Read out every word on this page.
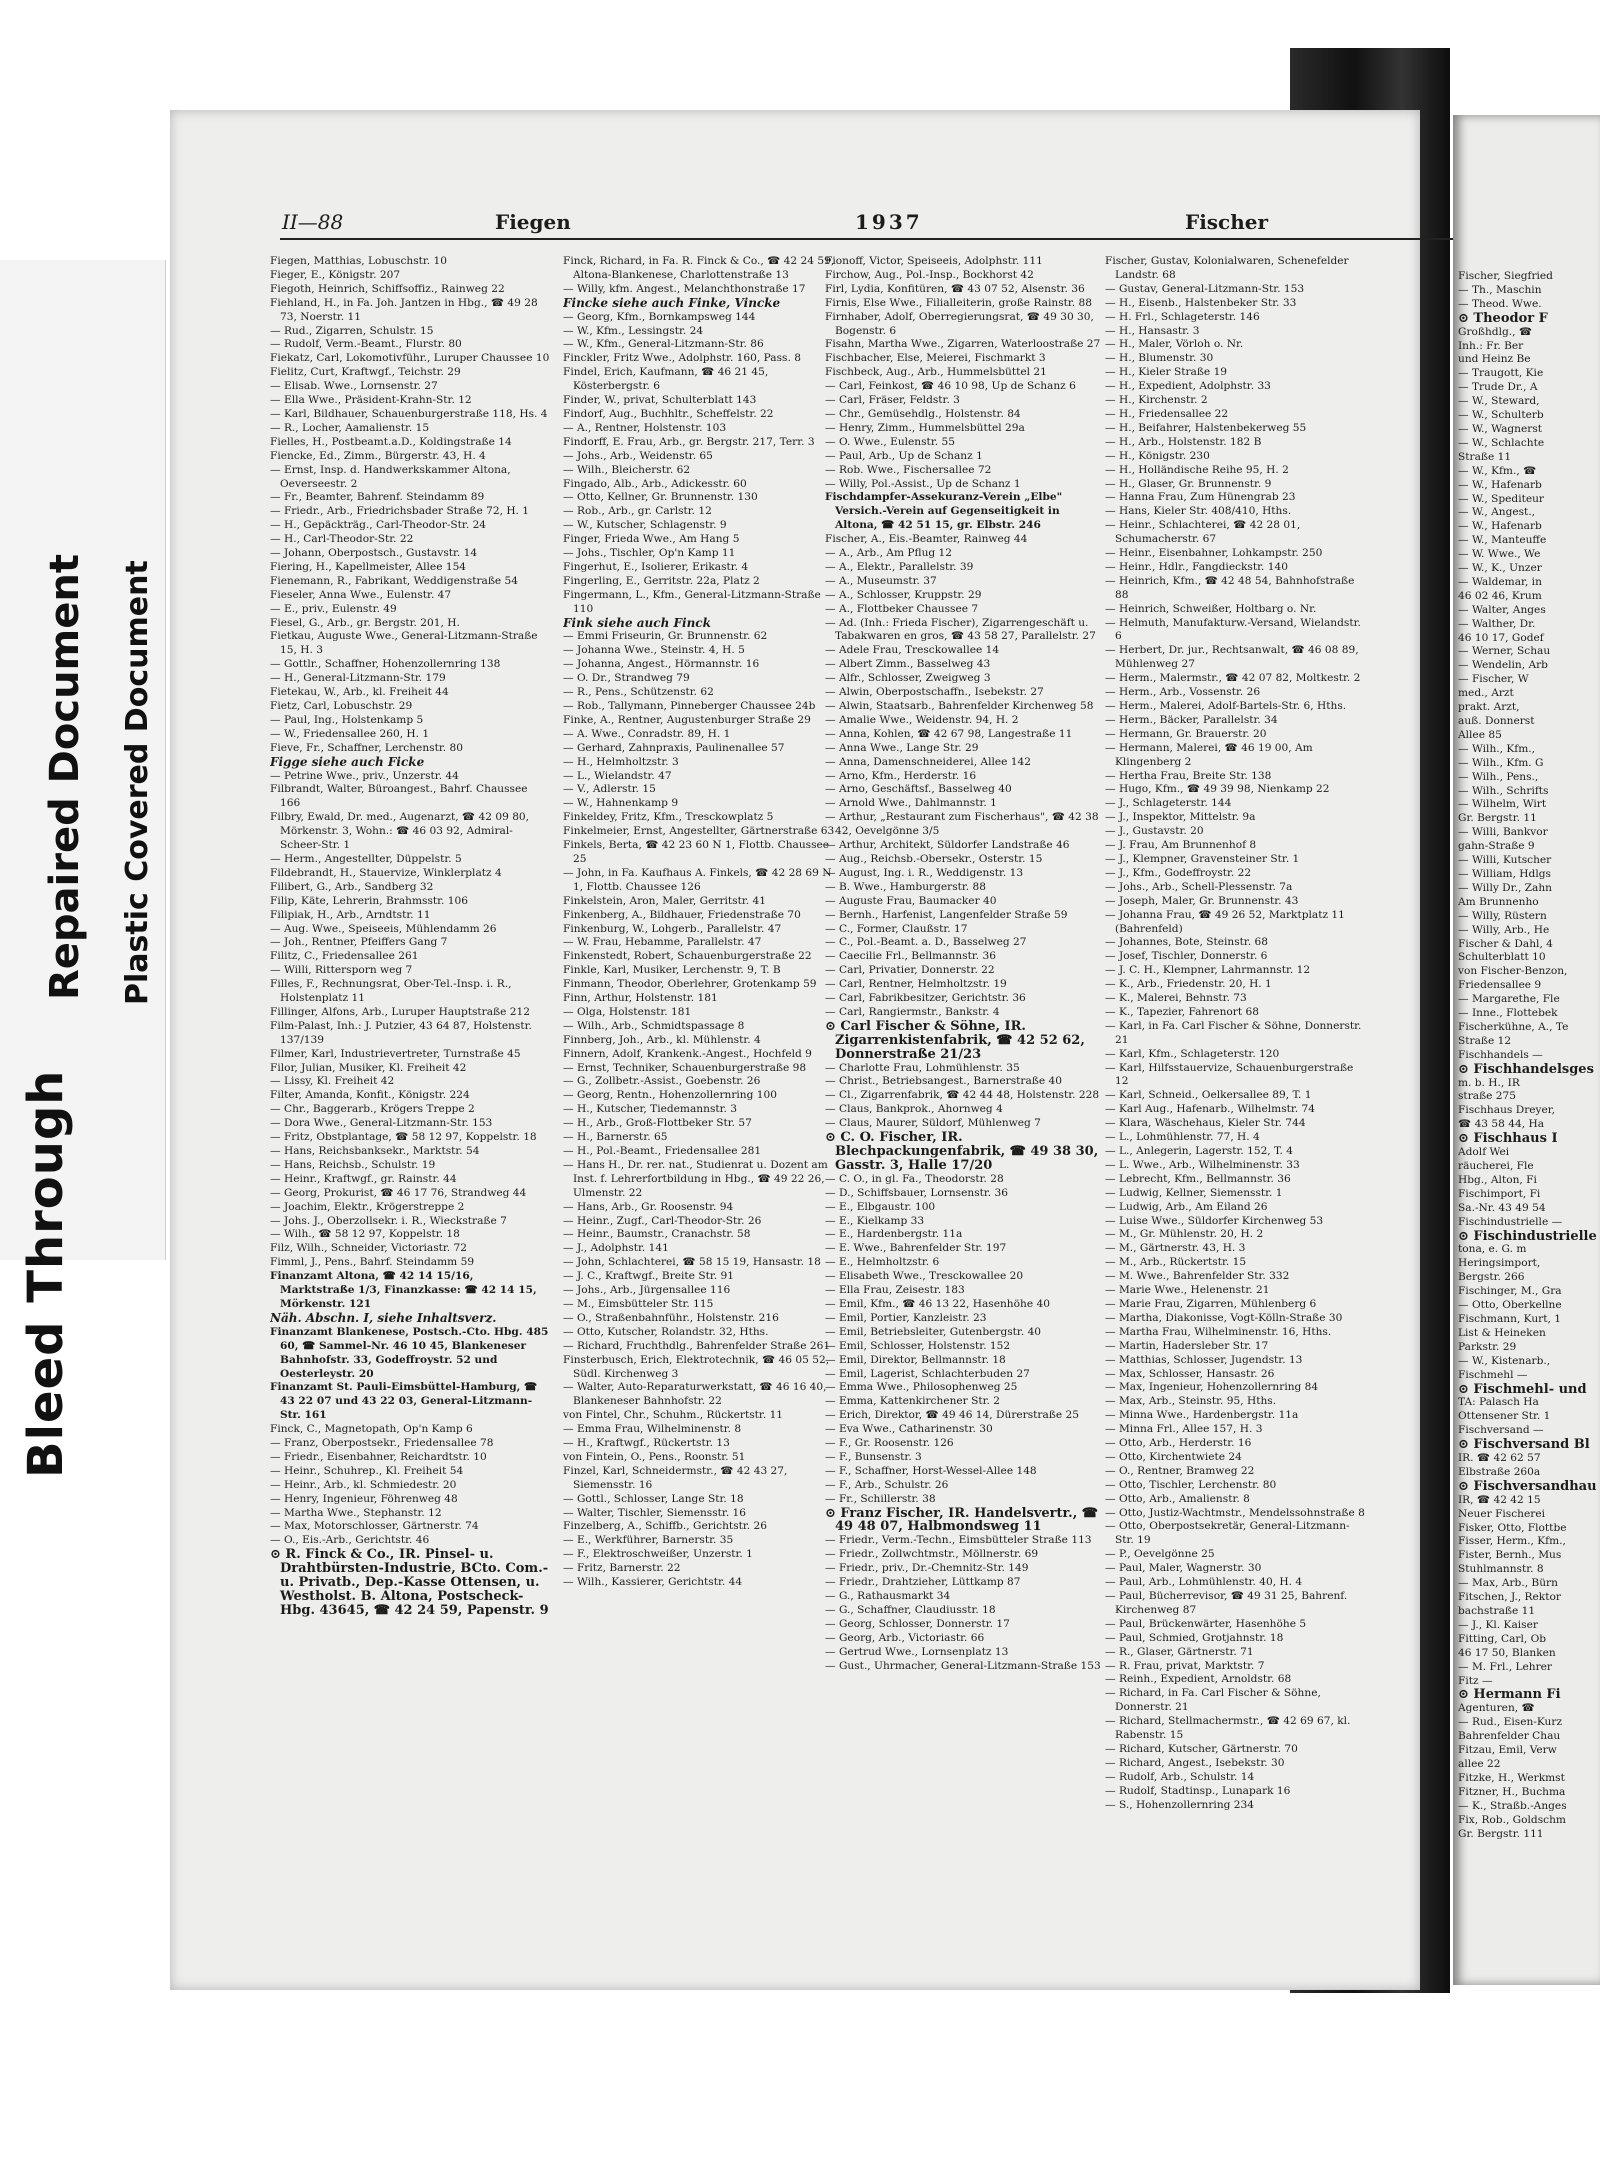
Bleed Through
Repaired Document Plastic Covered Document
II—88	Fiegen	1937	Fischer
Fiegen, Matthias, Lobuschstr. 10
Fieger, E., Königstr. 207
Fiegoth, Heinrich, Schiffsoffiz., Rainweg 22
Fiehland, H., in Fa. Joh. Jantzen in Hbg., ☎ 49 28 73, Noerstr. 11
— Rud., Zigarren, Schulstr. 15
— Rudolf, Verm.-Beamt., Flurstr. 80
Fiekatz, Carl, Lokomotivführ., Luruper Chaussee 10
Fielitz, Curt, Kraftwgf., Teichstr. 29
— Elisab. Wwe., Lornsenstr. 27
— Ella Wwe., Präsident-Krahn-Str. 12
— Karl, Bildhauer, Schauenburgerstraße 118, Hs. 4
— R., Locher, Aamalienstr. 15
Fielles, H., Postbeamt.a.D., Koldingstraße 14
Fiencke, Ed., Zimm., Bürgerstr. 43, H. 4
— Ernst, Insp. d. Handwerkskammer Altona, Oeverseestr. 2
— Fr., Beamter, Bahrenf. Steindamm 89
— Friedr., Arb., Friedrichsbader Straße 72, H. 1
— H., Gepäckträg., Carl-Theodor-Str. 24
— H., Carl-Theodor-Str. 22
— Johann, Oberpostsch., Gustavstr. 14
Fiering, H., Kapellmeister, Allee 154
Fienemann, R., Fabrikant, Weddigenstraße 54
Fieseler, Anna Wwe., Eulenstr. 47
— E., priv., Eulenstr. 49
Fiesel, G., Arb., gr. Bergstr. 201, H.
Fietkau, Auguste Wwe., General-Litzmann-Straße 15, H. 3
— Gottlr., Schaffner, Hohenzollernring 138
— H., General-Litzmann-Str. 179
Fietekau, W., Arb., kl. Freiheit 44
Fietz, Carl, Lobuschstr. 29
— Paul, Ing., Holstenkamp 5
— W., Friedensallee 260, H. 1
Fieve, Fr., Schaffner, Lerchenstr. 80
Figge siehe auch Ficke
— Petrine Wwe., priv., Unzerstr. 44
Filbrandt, Walter, Büroangest., Bahrf. Chaussee 166
Filbry, Ewald, Dr. med., Augenarzt, ☎ 42 09 80, Mörkenstr. 3, Wohn.: ☎ 46 03 92, Admiral-Scheer-Str. 1
— Herm., Angestellter, Düppelstr. 5
Fildebrandt, H., Stauervize, Winklerplatz 4
Filibert, G., Arb., Sandberg 32
Filip, Käte, Lehrerin, Brahmsstr. 106
Filipiak, H., Arb., Arndtstr. 11
— Aug. Wwe., Speiseeis, Mühlendamm 26
— Joh., Rentner, Pfeiffers Gang 7
Filitz, C., Friedensallee 261
— Willi, Rittersporn weg 7
Filles, F., Rechnungsrat, Ober-Tel.-Insp. i. R., Holstenplatz 11
Fillinger, Alfons, Arb., Luruper Hauptstraße 212
Film-Palast, Inh.: J. Putzier, 43 64 87, Holstenstr. 137/139
Filmer, Karl, Industrievertreter, Turnstraße 45
Filor, Julian, Musiker, Kl. Freiheit 42
— Lissy, Kl. Freiheit 42
Filter, Amanda, Konfit., Königstr. 224
— Chr., Baggerarb., Krögers Treppe 2
— Dora Wwe., General-Litzmann-Str. 153
— Fritz, Obstplantage, ☎ 58 12 97, Koppelstr. 18
— Hans, Reichsbanksekr., Marktstr. 54
— Hans, Reichsb., Schulstr. 19
— Heinr., Kraftwgf., gr. Rainstr. 44
— Georg, Prokurist, ☎ 46 17 76, Strandweg 44
— Joachim, Elektr., Krögerstreppe 2
— Johs. J., Oberzollsekr. i. R., Wieckstraße 7
— Wilh., ☎ 58 12 97, Koppelstr. 18
Filz, Wilh., Schneider, Victoriastr. 72
Fimml, J., Pens., Bahrf. Steindamm 59
Finanzamt Altona, ☎ 42 14 15/16, Marktstraße 1/3, Finanzkasse: ☎ 42 14 15, Mörkenstr. 121
Näh. Abschn. I, siehe Inhaltsverz.
Finanzamt Blankenese, Postsch.-Cto. Hbg. 485 60, ☎ Sammel-Nr. 46 10 45, Blankeneser Bahnhofstr. 33, Godeffroystr. 52 und Oesterleystr. 20
Finanzamt St. Pauli-Eimsbüttel-Hamburg, ☎ 43 22 07 und 43 22 03, General-Litzmann-Str. 161
Finck, C., Magnetopath, Op'n Kamp 6
— Franz, Oberpostsekr., Friedensallee 78
— Friedr., Eisenbahner, Reichardtstr. 10
— Heinr., Schuhrep., Kl. Freiheit 54
— Heinr., Arb., kl. Schmiedestr. 20
— Henry, Ingenieur, Föhrenweg 48
— Martha Wwe., Stephanstr. 12
— Max, Motorschlosser, Gärtnerstr. 74
— O., Eis.-Arb., Gerichtstr. 46
⊙ R. Finck & Co., IR. Pinsel- u. Drahtbürsten-Industrie, BCto. Com.- u. Privatb., Dep.-Kasse Ottensen, u. Westholst. B. Altona, Postscheck-Hbg. 43645, ☎ 42 24 59, Papenstr. 9
Finck, Richard, in Fa. R. Finck & Co., ☎ 42 24 59, Altona-Blankenese, Charlottenstraße 13
— Willy, kfm. Angest., Melanchthonstraße 17
Fincke siehe auch Finke, Vincke
— Georg, Kfm., Bornkampsweg 144
— W., Kfm., Lessingstr. 24
— W., Kfm., General-Litzmann-Str. 86
Finckler, Fritz Wwe., Adolphstr. 160, Pass. 8
Findel, Erich, Kaufmann, ☎ 46 21 45, Kösterbergstr. 6
Finder, W., privat, Schulterblatt 143
Findorf, Aug., Buchhltr., Scheffelstr. 22
— A., Rentner, Holstenstr. 103
Findorff, E. Frau, Arb., gr. Bergstr. 217, Terr. 3
— Johs., Arb., Weidenstr. 65
— Wilh., Bleicherstr. 62
Fingado, Alb., Arb., Adickesstr. 60
— Otto, Kellner, Gr. Brunnenstr. 130
— Rob., Arb., gr. Carlstr. 12
— W., Kutscher, Schlagenstr. 9
Finger, Frieda Wwe., Am Hang 5
— Johs., Tischler, Op'n Kamp 11
Fingerhut, E., Isolierer, Erikastr. 4
Fingerling, E., Gerritstr. 22a, Platz 2
Fingermann, L., Kfm., General-Litzmann-Straße 110
Fink siehe auch Finck
— Emmi Friseurin, Gr. Brunnenstr. 62
— Johanna Wwe., Steinstr. 4, H. 5
— Johanna, Angest., Hörmannstr. 16
— O. Dr., Strandweg 79
— R., Pens., Schützenstr. 62
— Rob., Tallymann, Pinneberger Chaussee 24b
Finke, A., Rentner, Augustenburger Straße 29
— A. Wwe., Conradstr. 89, H. 1
— Gerhard, Zahnpraxis, Paulinenallee 57
— H., Helmholtzstr. 3
— L., Wielandstr. 47
— V., Adlerstr. 15
— W., Hahnenkamp 9
Finkeldey, Fritz, Kfm., Tresckowplatz 5
Finkelmeier, Ernst, Angestellter, Gärtnerstraße 63
Finkels, Berta, ☎ 42 23 60 N 1, Flottb. Chaussee 25
— John, in Fa. Kaufhaus A. Finkels, ☎ 42 28 69 N 1, Flottb. Chaussee 126
Finkelstein, Aron, Maler, Gerritstr. 41
Finkenberg, A., Bildhauer, Friedenstraße 70
Finkenburg, W., Lohgerb., Parallelstr. 47
— W. Frau, Hebamme, Parallelstr. 47
Finkenstedt, Robert, Schauenburgerstraße 22
Finkle, Karl, Musiker, Lerchenstr. 9, T. B
Finmann, Theodor, Oberlehrer, Grotenkamp 59
Finn, Arthur, Holstenstr. 181
— Olga, Holstenstr. 181
— Wilh., Arb., Schmidtspassage 8
Finnberg, Joh., Arb., kl. Mühlenstr. 4
Finnern, Adolf, Krankenk.-Angest., Hochfeld 9
— Ernst, Techniker, Schauenburgerstraße 98
— G., Zollbetr.-Assist., Goebenstr. 26
— Georg, Rentn., Hohenzollernring 100
— H., Kutscher, Tiedemannstr. 3
— H., Arb., Groß-Flottbeker Str. 57
— H., Barnerstr. 65
— H., Pol.-Beamt., Friedensallee 281
— Hans H., Dr. rer. nat., Studienrat u. Dozent am Inst. f. Lehrerfortbildung in Hbg., ☎ 49 22 26, Ulmenstr. 22
— Hans, Arb., Gr. Roosenstr. 94
— Heinr., Zugf., Carl-Theodor-Str. 26
— Heinr., Baumstr., Cranachstr. 58
— J., Adolphstr. 141
— John, Schlachterei, ☎ 58 15 19, Hansastr. 18
— J. C., Kraftwgf., Breite Str. 91
— Johs., Arb., Jürgensallee 116
— M., Eimsbütteler Str. 115
— O., Straßenbahnführ., Holstenstr. 216
— Otto, Kutscher, Rolandstr. 32, Hths.
— Richard, Fruchthdlg., Bahrenfelder Straße 261
Finsterbusch, Erich, Elektrotechnik, ☎ 46 05 52, Südl. Kirchenweg 3
— Walter, Auto-Reparaturwerkstatt, ☎ 46 16 40, Blankeneser Bahnhofstr. 22
von Fintel, Chr., Schuhm., Rückertstr. 11
— Emma Frau, Wilhelminenstr. 8
— H., Kraftwgf., Rückertstr. 13
von Fintein, O., Pens., Roonstr. 51
Finzel, Karl, Schneidermstr., ☎ 42 43 27, Siemensstr. 16
— Gottl., Schlosser, Lange Str. 18
— Walter, Tischler, Siemensstr. 16
Finzelberg, A., Schiffb., Gerichtstr. 26
— E., Werkführer, Barnerstr. 35
— F., Elektroschweißer, Unzerstr. 1
— Fritz, Barnerstr. 22
— Wilh., Kassierer, Gerichtstr. 44
Fionoff, Victor, Speiseeis, Adolphstr. 111
Firchow, Aug., Pol.-Insp., Bockhorst 42
Firl, Lydia, Konfitüren, ☎ 43 07 52, Alsenstr. 36
Firnis, Else Wwe., Filialleiterin, große Rainstr. 88
Firnhaber, Adolf, Oberregierungsrat, ☎ 49 30 30, Bogenstr. 6
Fisahn, Martha Wwe., Zigarren, Waterloostraße 27
Fischbacher, Else, Meierei, Fischmarkt 3
Fischbeck, Aug., Arb., Hummelsbüttel 21
— Carl, Feinkost, ☎ 46 10 98, Up de Schanz 6
— Carl, Fräser, Feldstr. 3
— Chr., Gemüsehdlg., Holstenstr. 84
— Henry, Zimm., Hummelsbüttel 29a
— O. Wwe., Eulenstr. 55
— Paul, Arb., Up de Schanz 1
— Rob. Wwe., Fischersallee 72
— Willy, Pol.-Assist., Up de Schanz 1
Fischdampfer-Assekuranz-Verein „Elbe" Versich.-Verein auf Gegenseitigkeit in Altona, ☎ 42 51 15, gr. Elbstr. 246
Fischer, A., Eis.-Beamter, Rainweg 44
— A., Arb., Am Pflug 12
— A., Elektr., Parallelstr. 39
— A., Museumstr. 37
— A., Schlosser, Kruppstr. 29
— A., Flottbeker Chaussee 7
— Ad. (Inh.: Frieda Fischer), Zigarrengeschäft u. Tabakwaren en gros, ☎ 43 58 27, Parallelstr. 27
— Adele Frau, Tresckowallee 14
— Albert Zimm., Basselweg 43
— Alfr., Schlosser, Zweigweg 3
— Alwin, Oberpostschaffn., Isebekstr. 27
— Alwin, Staatsarb., Bahrenfelder Kirchenweg 58
— Amalie Wwe., Weidenstr. 94, H. 2
— Anna, Kohlen, ☎ 42 67 98, Langestraße 11
— Anna Wwe., Lange Str. 29
— Anna, Damenschneiderei, Allee 142
— Arno, Kfm., Herderstr. 16
— Arno, Geschäftsf., Basselweg 40
— Arnold Wwe., Dahlmannstr. 1
— Arthur, „Restaurant zum Fischerhaus", ☎ 42 38 42, Oevelgönne 3/5
— Arthur, Architekt, Süldorfer Landstraße 46
— Aug., Reichsb.-Obersekr., Osterstr. 15
— August, Ing. i. R., Weddigenstr. 13
— B. Wwe., Hamburgerstr. 88
— Auguste Frau, Baumacker 40
— Bernh., Harfenist, Langenfelder Straße 59
— C., Former, Claußstr. 17
— C., Pol.-Beamt. a. D., Basselweg 27
— Caecilie Frl., Bellmannstr. 36
— Carl, Privatier, Donnerstr. 22
— Carl, Rentner, Helmholtzstr. 19
— Carl, Fabrikbesitzer, Gerichtstr. 36
— Carl, Rangiermstr., Bankstr. 4
⊙ Carl Fischer & Söhne, IR. Zigarrenkistenfabrik, ☎ 42 52 62, Donnerstraße 21/23
— Charlotte Frau, Lohmühlenstr. 35
— Christ., Betriebsangest., Barnerstraße 40
— Cl., Zigarrenfabrik, ☎ 42 44 48, Holstenstr. 228
— Claus, Bankprok., Ahornweg 4
— Claus, Maurer, Süldorf, Mühlenweg 7
⊙ C. O. Fischer, IR. Blechpackungenfabrik, ☎ 49 38 30, Gasstr. 3, Halle 17/20
— C. O., in gl. Fa., Theodorstr. 28
— D., Schiffsbauer, Lornsenstr. 36
— E., Elbgaustr. 100
— E., Kielkamp 33
— E., Hardenbergstr. 11a
— E. Wwe., Bahrenfelder Str. 197
— E., Helmholtzstr. 6
— Elisabeth Wwe., Tresckowallee 20
— Ella Frau, Zeisestr. 183
— Emil, Kfm., ☎ 46 13 22, Hasenhöhe 40
— Emil, Portier, Kanzleistr. 23
— Emil, Betriebsleiter, Gutenbergstr. 40
— Emil, Schlosser, Holstenstr. 152
— Emil, Direktor, Bellmannstr. 18
— Emil, Lagerist, Schlachterbuden 27
— Emma Wwe., Philosophenweg 25
— Emma, Kattenkirchener Str. 2
— Erich, Direktor, ☎ 49 46 14, Dürerstraße 25
— Eva Wwe., Catharinenstr. 30
— F., Gr. Roosenstr. 126
— F., Bunsenstr. 3
— F., Schaffner, Horst-Wessel-Allee 148
— F., Arb., Schulstr. 26
— Fr., Schillerstr. 38
⊙ Franz Fischer, IR. Handelsvertr., ☎ 49 48 07, Halbmondsweg 11
— Friedr., Verm.-Techn., Eimsbütteler Straße 113
— Friedr., Zollwchtmstr., Möllnerstr. 69
— Friedr., priv., Dr.-Chemnitz-Str. 149
— Friedr., Drahtzieher, Lüttkamp 87
— G., Rathausmarkt 34
— G., Schaffner, Claudiusstr. 18
— Georg, Schlosser, Donnerstr. 17
— Georg, Arb., Victoriastr. 66
— Gertrud Wwe., Lornsenplatz 13
— Gust., Uhrmacher, General-Litzmann-Straße 153
Fischer, Gustav, Kolonialwaren, Schenefelder Landstr. 68
— Gustav, General-Litzmann-Str. 153
— H., Eisenb., Halstenbeker Str. 33
— H. Frl., Schlageterstr. 146
— H., Hansastr. 3
— H., Maler, Vörloh o. Nr.
— H., Blumenstr. 30
— H., Kieler Straße 19
— H., Expedient, Adolphstr. 33
— H., Kirchenstr. 2
— H., Friedensallee 22
— H., Beifahrer, Halstenbekerweg 55
— H., Arb., Holstenstr. 182 B
— H., Königstr. 230
— H., Holländische Reihe 95, H. 2
— H., Glaser, Gr. Brunnenstr. 9
— Hanna Frau, Zum Hünengrab 23
— Hans, Kieler Str. 408/410, Hths.
— Heinr., Schlachterei, ☎ 42 28 01, Schumacherstr. 67
— Heinr., Eisenbahner, Lohkampstr. 250
— Heinr., Hdlr., Fangdieckstr. 140
— Heinrich, Kfm., ☎ 42 48 54, Bahnhofstraße 88
— Heinrich, Schweißer, Holtbarg o. Nr.
— Helmuth, Manufakturw.-Versand, Wielandstr. 6
— Herbert, Dr. jur., Rechtsanwalt, ☎ 46 08 89, Mühlenweg 27
— Herm., Malermstr., ☎ 42 07 82, Moltkestr. 2
— Herm., Arb., Vossenstr. 26
— Herm., Malerei, Adolf-Bartels-Str. 6, Hths.
— Herm., Bäcker, Parallelstr. 34
— Hermann, Gr. Brauerstr. 20
— Hermann, Malerei, ☎ 46 19 00, Am Klingenberg 2
— Hertha Frau, Breite Str. 138
— Hugo, Kfm., ☎ 49 39 98, Nienkamp 22
— J., Schlageterstr. 144
— J., Inspektor, Mittelstr. 9a
— J., Gustavstr. 20
— J. Frau, Am Brunnenhof 8
— J., Klempner, Gravensteiner Str. 1
— J., Kfm., Godeffroystr. 22
— Johs., Arb., Schell-Plessenstr. 7a
— Joseph, Maler, Gr. Brunnenstr. 43
— Johanna Frau, ☎ 49 26 52, Marktplatz 11 (Bahrenfeld)
— Johannes, Bote, Steinstr. 68
— Josef, Tischler, Donnerstr. 6
— J. C. H., Klempner, Lahrmannstr. 12
— K., Arb., Friedenstr. 20, H. 1
— K., Malerei, Behnstr. 73
— K., Tapezier, Fahrenort 68
— Karl, in Fa. Carl Fischer & Söhne, Donnerstr. 21
— Karl, Kfm., Schlageterstr. 120
— Karl, Hilfsstauervize, Schauenburgerstraße 12
— Karl, Schneid., Oelkersallee 89, T. 1
— Karl Aug., Hafenarb., Wilhelmstr. 74
— Klara, Wäschehaus, Kieler Str. 744
— L., Lohmühlenstr. 77, H. 4
— L., Anlegerin, Lagerstr. 152, T. 4
— L. Wwe., Arb., Wilhelminenstr. 33
— Lebrecht, Kfm., Bellmannstr. 36
— Ludwig, Kellner, Siemensstr. 1
— Ludwig, Arb., Am Eiland 26
— Luise Wwe., Süldorfer Kirchenweg 53
— M., Gr. Mühlenstr. 20, H. 2
— M., Gärtnerstr. 43, H. 3
— M., Arb., Rückertstr. 15
— M. Wwe., Bahrenfelder Str. 332
— Marie Wwe., Helenenstr. 21
— Marie Frau, Zigarren, Mühlenberg 6
— Martha, Diakonisse, Vogt-Kölln-Straße 30
— Martha Frau, Wilhelminenstr. 16, Hths.
— Martin, Hadersleber Str. 17
— Matthias, Schlosser, Jugendstr. 13
— Max, Schlosser, Hansastr. 26
— Max, Ingenieur, Hohenzollernring 84
— Max, Arb., Steinstr. 95, Hths.
— Minna Wwe., Hardenbergstr. 11a
— Minna Frl., Allee 157, H. 3
— Otto, Arb., Herderstr. 16
— Otto, Kirchentwiete 24
— O., Rentner, Bramweg 22
— Otto, Tischler, Lerchenstr. 80
— Otto, Arb., Amalienstr. 8
— Otto, Justiz-Wachtmstr., Mendelssohnstraße 8
— Otto, Oberpostsekretär, General-Litzmann-Str. 19
— P., Oevelgönne 25
— Paul, Maler, Wagnerstr. 30
— Paul, Arb., Lohmühlenstr. 40, H. 4
— Paul, Bücherrevisor, ☎ 49 31 25, Bahrenf. Kirchenweg 87
— Paul, Brückenwärter, Hasenhöhe 5
— Paul, Schmied, Grotjahnstr. 18
— R., Glaser, Gärtnerstr. 71
— R. Frau, privat, Marktstr. 7
— Reinh., Expedient, Arnoldstr. 68
— Richard, in Fa. Carl Fischer & Söhne, Donnerstr. 21
— Richard, Stellmachermstr., ☎ 42 69 67, kl. Rabenstr. 15
— Richard, Kutscher, Gärtnerstr. 70
— Richard, Angest., Isebekstr. 30
— Rudolf, Arb., Schulstr. 14
— Rudolf, Stadtinsp., Lunapark 16
— S., Hohenzollernring 234
Fischer, Siegfried
— Th., Maschin
— Theod. Wwe.
⊙ Theodor F
Großhdlg., ☎
Inh.: Fr. Ber
und Heinz Be
— Traugott, Kie
— Trude Dr., A
— W., Steward,
— W., Schulterb
— W., Wagnerst
— W., Schlachte
Straße 11
— W., Kfm., ☎
— W., Hafenarb
— W., Spediteur
— W., Angest.,
— W., Hafenarb
— W., Manteuffe
— W. Wwe., We
— W., K., Unzer
— Waldemar, in
46 02 46, Krum
— Walter, Anges
— Walther, Dr.
46 10 17, Godef
— Werner, Schau
— Wendelin, Arb
— Fischer, W
med., Arzt
prakt. Arzt,
auß. Donnerst
Allee 85
— Wilh., Kfm.,
— Wilh., Kfm. G
— Wilh., Pens.,
— Wilh., Schrifts
— Wilhelm, Wirt
Gr. Bergstr. 11
— Willi, Bankvor
gahn-Straße 9
— Willi, Kutscher
— William, Hdlgs
— Willy Dr., Zahn
Am Brunnenho
— Willy, Rüstern
— Willy, Arb., He
Fischer & Dahl, 4
Schulterblatt 10
von Fischer-Benzon,
Friedensallee 9
— Margarethe, Fle
— Inne., Flottebek
Fischerkühne, A., Te
Straße 12
Fischhandels —
⊙ Fischhandelsges
m. b. H., IR
straße 275
Fischhaus Dreyer,
☎ 43 58 44, Ha
⊙ Fischhaus I
Adolf Wei
räucherei, Fle
Hbg., Alton, Fi
Fischimport, Fi
Sa.-Nr. 43 49 54
Fischindustrielle —
⊙ Fischindustrielle
tona, e. G. m
Heringsimport,
Bergstr. 266
Fischinger, M., Gra
— Otto, Oberkellne
Fischmann, Kurt, 1
List & Heineken
Parkstr. 29
— W., Kistenarb.,
Fischmehl —
⊙ Fischmehl- und
TA: Palasch Ha
Ottensener Str. 1
Fischversand —
⊙ Fischversand Bl
IR. ☎ 42 62 57
Elbstraße 260a
⊙ Fischversandhau
IR, ☎ 42 42 15
Neuer Fischerei
Fisker, Otto, Flottbe
Fisser, Herm., Kfm.,
Fister, Bernh., Mus
Stuhlmannstr. 8
— Max, Arb., Bürn
Fitschen, J., Rektor
bachstraße 11
— J., Kl. Kaiser
Fitting, Carl, Ob
46 17 50, Blanken
— M. Frl., Lehrer
Fitz —
⊙ Hermann Fi
Agenturen, ☎
— Rud., Eisen-Kurz
Bahrenfelder Chau
Fitzau, Emil, Verw
allee 22
Fitzke, H., Werkmst
Fitzner, H., Buchma
— K., Straßb.-Anges
Fix, Rob., Goldschm
Gr. Bergstr. 111
